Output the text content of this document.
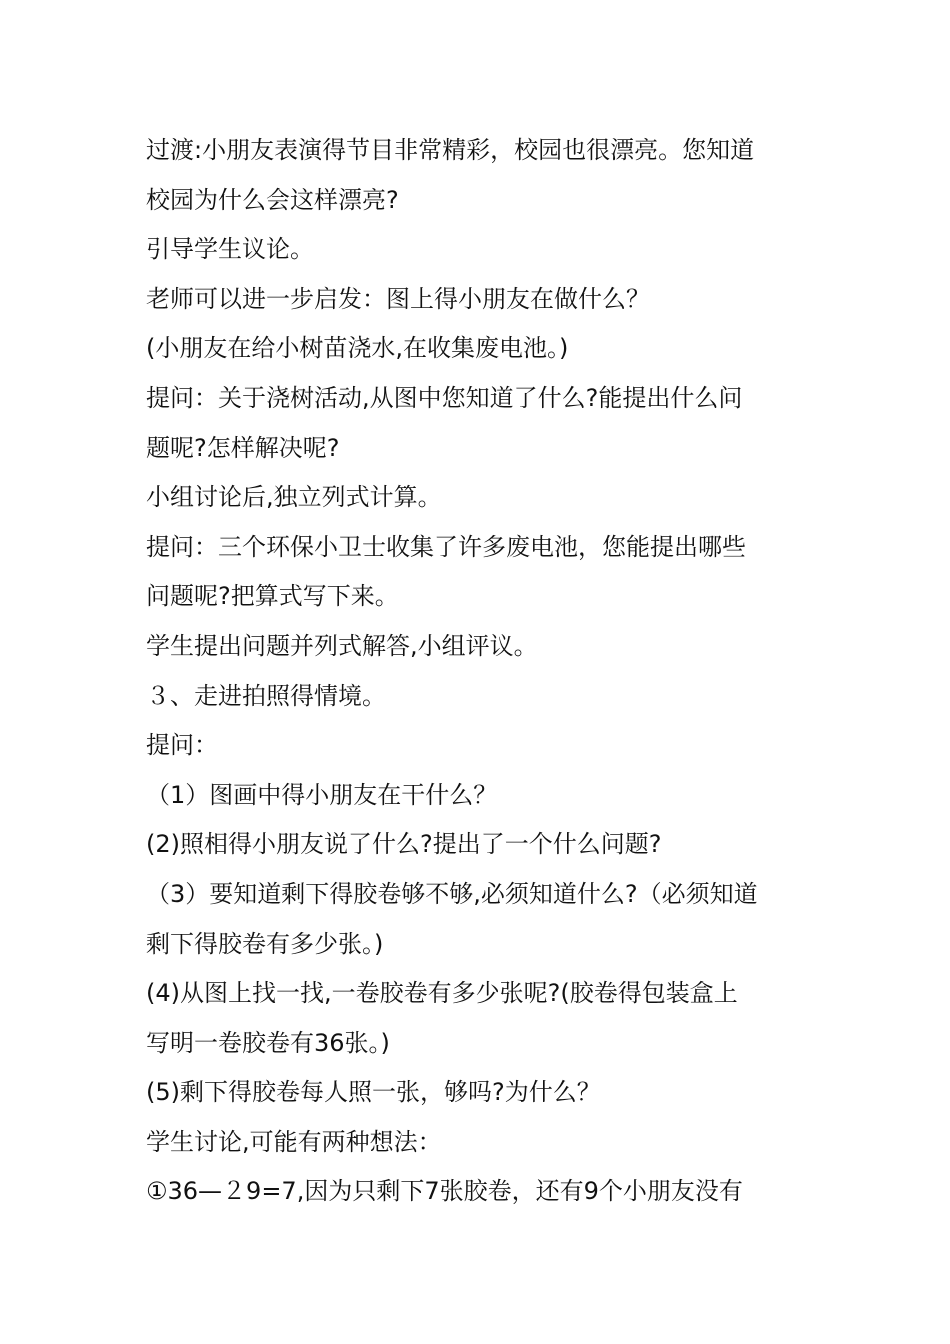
过渡:小朋友表演得节目非常精彩，校园也很漂亮。您知道
校园为什么会这样漂亮?
引导学生议论。
老师可以进一步启发：图上得小朋友在做什么？
(小朋友在给小树苗浇水,在收集废电池。)
提问：关于浇树活动,从图中您知道了什么?能提出什么问
题呢?怎样解决呢?
小组讨论后,独立列式计算。
提问：三个环保小卫士收集了许多废电池，您能提出哪些
问题呢?把算式写下来。
学生提出问题并列式解答,小组评议。
３、走进拍照得情境。
提问：
（1）图画中得小朋友在干什么？
(2)照相得小朋友说了什么?提出了一个什么问题?
（3）要知道剩下得胶卷够不够,必须知道什么?（必须知道
剩下得胶卷有多少张。)
(4)从图上找一找,一卷胶卷有多少张呢?(胶卷得包装盒上
写明一卷胶卷有36张。)
(5)剩下得胶卷每人照一张，够吗?为什么？
学生讨论,可能有两种想法：
①36—２9=7,因为只剩下7张胶卷，还有9个小朋友没有
